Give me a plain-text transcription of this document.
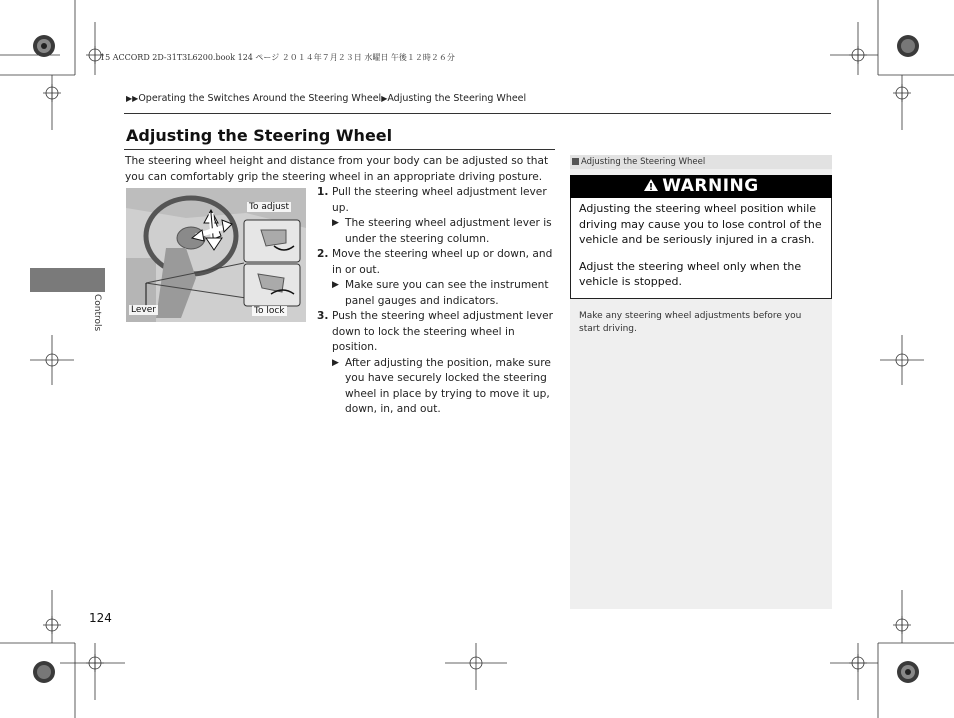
15 ACCORD 2D-31T3L6200.book 124 ページ ２０１４年７月２３日 水曜日 午後１２時２６分
▶▶Operating the Switches Around the Steering Wheel▶Adjusting the Steering Wheel
Adjusting the Steering Wheel
The steering wheel height and distance from your body can be adjusted so that you can comfortably grip the steering wheel in an appropriate driving posture.
To adjust
Lever	To lock
1. Pull the steering wheel adjustment lever up.
▶ The steering wheel adjustment lever is under the steering column.
2. Move the steering wheel up or down, and in or out.
▶ Make sure you can see the instrument panel gauges and indicators.
3. Push the steering wheel adjustment lever down to lock the steering wheel in position.
▶ After adjusting the position, make sure you have securely locked the steering wheel in place by trying to move it up, down, in, and out.
Controls
Adjusting the Steering Wheel
WARNING

Adjusting the steering wheel position while driving may cause you to lose control of the vehicle and be seriously injured in a crash.

Adjust the steering wheel only when the vehicle is stopped.

Make any steering wheel adjustments before you start driving.
124
